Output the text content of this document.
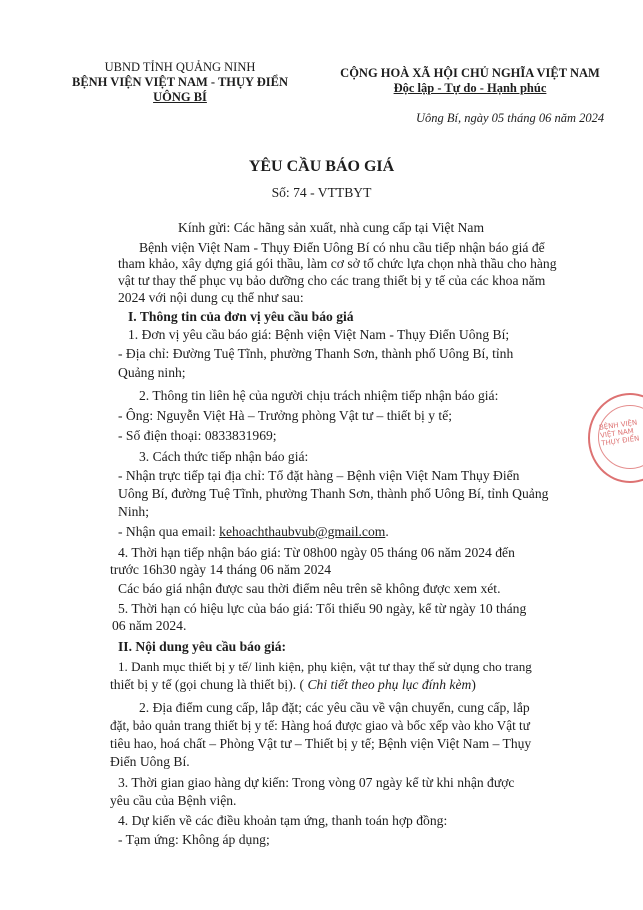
UBND TỈNH QUẢNG NINH
BỆNH VIỆN VIỆT NAM - THỤY ĐIỂN
UÔNG BÍ
CỘNG HOÀ XÃ HỘI CHỦ NGHĨA VIỆT NAM
Độc lập - Tự do - Hạnh phúc
Uông Bí, ngày 05 tháng 06 năm 2024
YÊU CẦU BÁO GIÁ
Số: 74 - VTTBYT
Kính gửi: Các hãng sản xuất, nhà cung cấp tại Việt Nam
Bệnh viện Việt Nam - Thụy Điển Uông Bí có nhu cầu tiếp nhận báo giá để
tham khảo, xây dựng giá gói thầu, làm cơ sở tổ chức lựa chọn nhà thầu cho hàng
vật tư thay thế phục vụ bảo dưỡng cho các trang thiết bị y tế của các khoa năm
2024 với nội dung cụ thể như sau:
I. Thông tin của đơn vị yêu cầu báo giá
1. Đơn vị yêu cầu báo giá: Bệnh viện Việt Nam - Thụy Điển Uông Bí;
- Địa chỉ: Đường Tuệ Tĩnh, phường Thanh Sơn, thành phố Uông Bí, tỉnh
Quảng ninh;
2. Thông tin liên hệ của người chịu trách nhiệm tiếp nhận báo giá:
- Ông: Nguyễn Việt Hà – Trưởng phòng Vật tư – thiết bị y tế;
- Số điện thoại: 0833831969;
3. Cách thức tiếp nhận báo giá:
- Nhận trực tiếp tại địa chỉ: Tổ đặt hàng – Bệnh viện Việt Nam Thụy Điển
Uông Bí, đường Tuệ Tĩnh, phường Thanh Sơn, thành phố Uông Bí, tỉnh Quảng
Ninh;
- Nhận qua email: kehoachthaubvub@gmail.com.
4. Thời hạn tiếp nhận báo giá: Từ 08h00 ngày 05 tháng 06 năm 2024 đến
trước 16h30 ngày 14 tháng 06 năm 2024
Các báo giá nhận được sau thời điểm nêu trên sẽ không được xem xét.
5. Thời hạn có hiệu lực của báo giá: Tối thiểu 90 ngày, kể từ ngày 10 tháng
06 năm 2024.
II. Nội dung yêu cầu báo giá:
1. Danh mục thiết bị y tế/ linh kiện, phụ kiện, vật tư thay thế sử dụng cho trang
thiết bị y tế (gọi chung là thiết bị). ( Chi tiết theo phụ lục đính kèm)
2. Địa điểm cung cấp, lắp đặt; các yêu cầu về vận chuyển, cung cấp, lắp
đặt, bảo quản trang thiết bị y tế: Hàng hoá được giao và bốc xếp vào kho Vật tư
tiêu hao, hoá chất – Phòng Vật tư – Thiết bị y tế; Bệnh viện Việt Nam – Thụy
Điển Uông Bí.
3. Thời gian giao hàng dự kiến: Trong vòng 07 ngày kể từ khi nhận được
yêu cầu của Bệnh viện.
4. Dự kiến về các điều khoản tạm ứng, thanh toán hợp đồng:
- Tạm ứng: Không áp dụng;
BỆNH VIỆN VIỆT NAM THỤY ĐIỂN
